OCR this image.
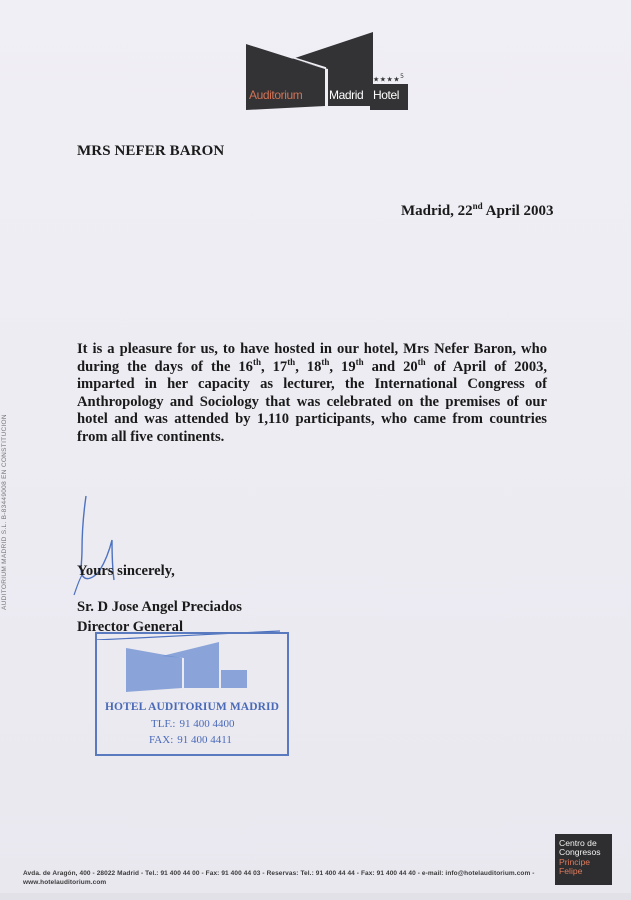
Auditorium Madrid Hotel
★★★★$^5$
MRS NEFER BARON
Madrid, 22nd April 2003
It is a pleasure for us, to have hosted in our hotel, Mrs Nefer Baron, who during the days of the 16th, 17th, 18th, 19th and 20th of April of 2003, imparted in her capacity as lecturer, the International Congress of Anthropology and Sociology that was celebrated on the premises of our hotel and was attended by 1,110 participants, who came from countries from all five continents.
Yours sincerely,
Sr. D Jose Angel Preciados
Director General
HOTEL AUDITORIUM MADRID
TLF.: 91 400 4400
FAX: 91 400 4411
AUDITORIUM MADRID S.L. B-83449008 EN CONSTITUCION
Avda. de Aragón, 400 - 28022 Madrid - Tel.: 91 400 44 00 - Fax: 91 400 44 03 - Reservas: Tel.: 91 400 44 44 - Fax: 91 400 44 40 - e-mail: info@hotelauditorium.com - www.hotelauditorium.com
Centro de
Congresos
Principe
Felipe
